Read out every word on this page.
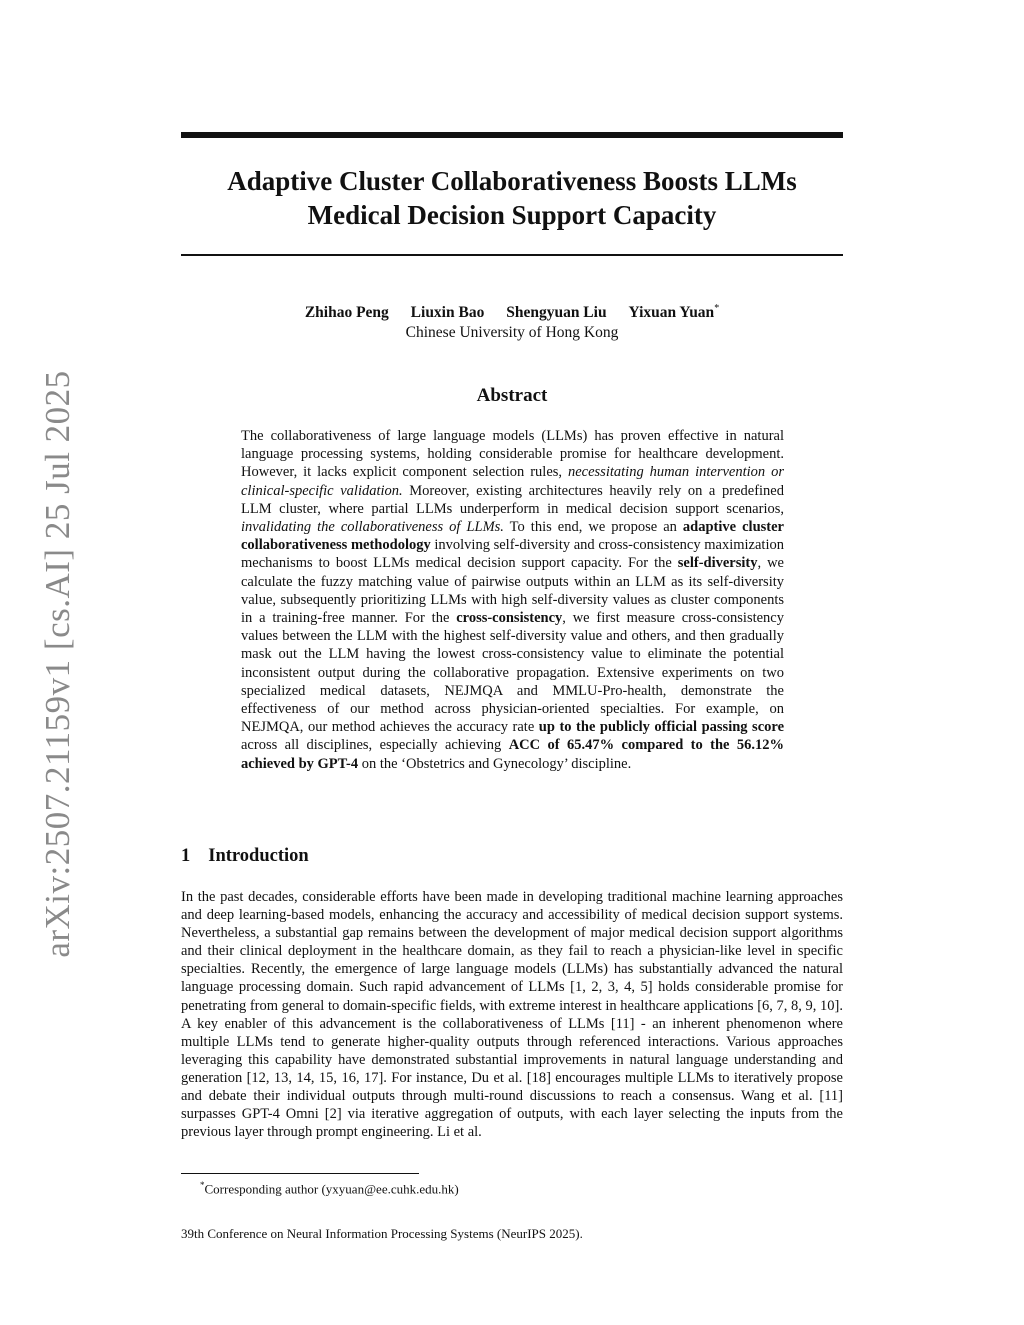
arXiv:2507.21159v1 [cs.AI] 25 Jul 2025
Adaptive Cluster Collaborativeness Boosts LLMs
Medical Decision Support Capacity
Zhihao Peng Liuxin Bao Shengyuan Liu Yixuan Yuan*
Chinese University of Hong Kong
Abstract

The collaborativeness of large language models (LLMs) has proven effective in natural language processing systems, holding considerable promise for healthcare development. However, it lacks explicit component selection rules, necessitating human intervention or clinical-specific validation. Moreover, existing architectures heavily rely on a predefined LLM cluster, where partial LLMs underperform in medical decision support scenarios, invalidating the collaborativeness of LLMs. To this end, we propose an adaptive cluster collaborativeness methodology involving self-diversity and cross-consistency maximization mechanisms to boost LLMs medical decision support capacity. For the self-diversity, we calculate the fuzzy matching value of pairwise outputs within an LLM as its self-diversity value, subsequently prioritizing LLMs with high self-diversity values as cluster components in a training-free manner. For the cross-consistency, we first measure cross-consistency values between the LLM with the highest self-diversity value and others, and then gradually mask out the LLM having the lowest cross-consistency value to eliminate the potential inconsistent output during the collaborative propagation. Extensive experiments on two specialized medical datasets, NEJMQA and MMLU-Pro-health, demonstrate the effectiveness of our method across physician-oriented specialties. For example, on NEJMQA, our method achieves the accuracy rate up to the publicly official passing score across all disciplines, especially achieving ACC of 65.47% compared to the 56.12% achieved by GPT-4 on the ‘Obstetrics and Gynecology’ discipline.

1 Introduction

In the past decades, considerable efforts have been made in developing traditional machine learning approaches and deep learning-based models, enhancing the accuracy and accessibility of medical decision support systems. Nevertheless, a substantial gap remains between the development of major medical decision support algorithms and their clinical deployment in the healthcare domain, as they fail to reach a physician-like level in specific specialties. Recently, the emergence of large language models (LLMs) has substantially advanced the natural language processing domain. Such rapid advancement of LLMs [1, 2, 3, 4, 5] holds considerable promise for penetrating from general to domain-specific fields, with extreme interest in healthcare applications [6, 7, 8, 9, 10]. A key enabler of this advancement is the collaborativeness of LLMs [11] - an inherent phenomenon where multiple LLMs tend to generate higher-quality outputs through referenced interactions. Various approaches leveraging this capability have demonstrated substantial improvements in natural language understanding and generation [12, 13, 14, 15, 16, 17]. For instance, Du et al. [18] encourages multiple LLMs to iteratively propose and debate their individual outputs through multi-round discussions to reach a consensus. Wang et al. [11] surpasses GPT-4 Omni [2] via iterative aggregation of outputs, with each layer selecting the inputs from the previous layer through prompt engineering. Li et al.

*Corresponding author (yxyuan@ee.cuhk.edu.hk)

39th Conference on Neural Information Processing Systems (NeurIPS 2025).
